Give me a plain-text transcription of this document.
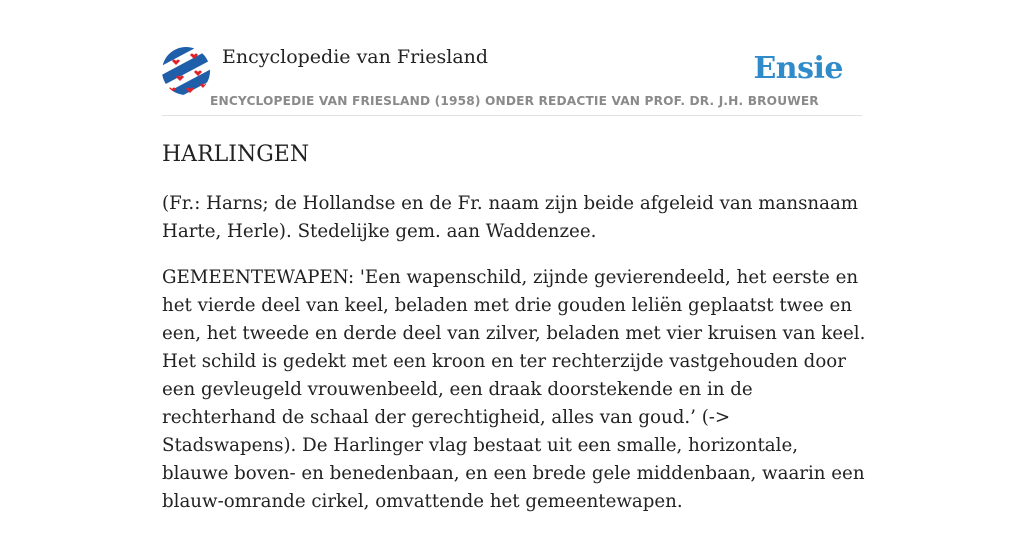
Encyclopedie van Friesland	Ensie
ENCYCLOPEDIE VAN FRIESLAND (1958) ONDER REDACTIE VAN PROF. DR. J.H. BROUWER
HARLINGEN

(Fr.: Harns; de Hollandse en de Fr. naam zijn beide afgeleid van mansnaam Harte, Herle). Stedelijke gem. aan Waddenzee.

GEMEENTEWAPEN: 'Een wapenschild, zijnde gevierendeeld, het eerste en het vierde deel van keel, beladen met drie gouden leliën geplaatst twee en een, het tweede en derde deel van zilver, beladen met vier kruisen van keel. Het schild is gedekt met een kroon en ter rechterzijde vastgehouden door een gevleugeld vrouwenbeeld, een draak doorstekende en in de rechterhand de schaal der gerechtigheid, alles van goud.’ (-> Stadswapens). De Harlinger vlag bestaat uit een smalle, horizontale, blauwe boven- en benedenbaan, en een brede gele middenbaan, waarin een blauw-omrande cirkel, omvattende het gemeentewapen.
